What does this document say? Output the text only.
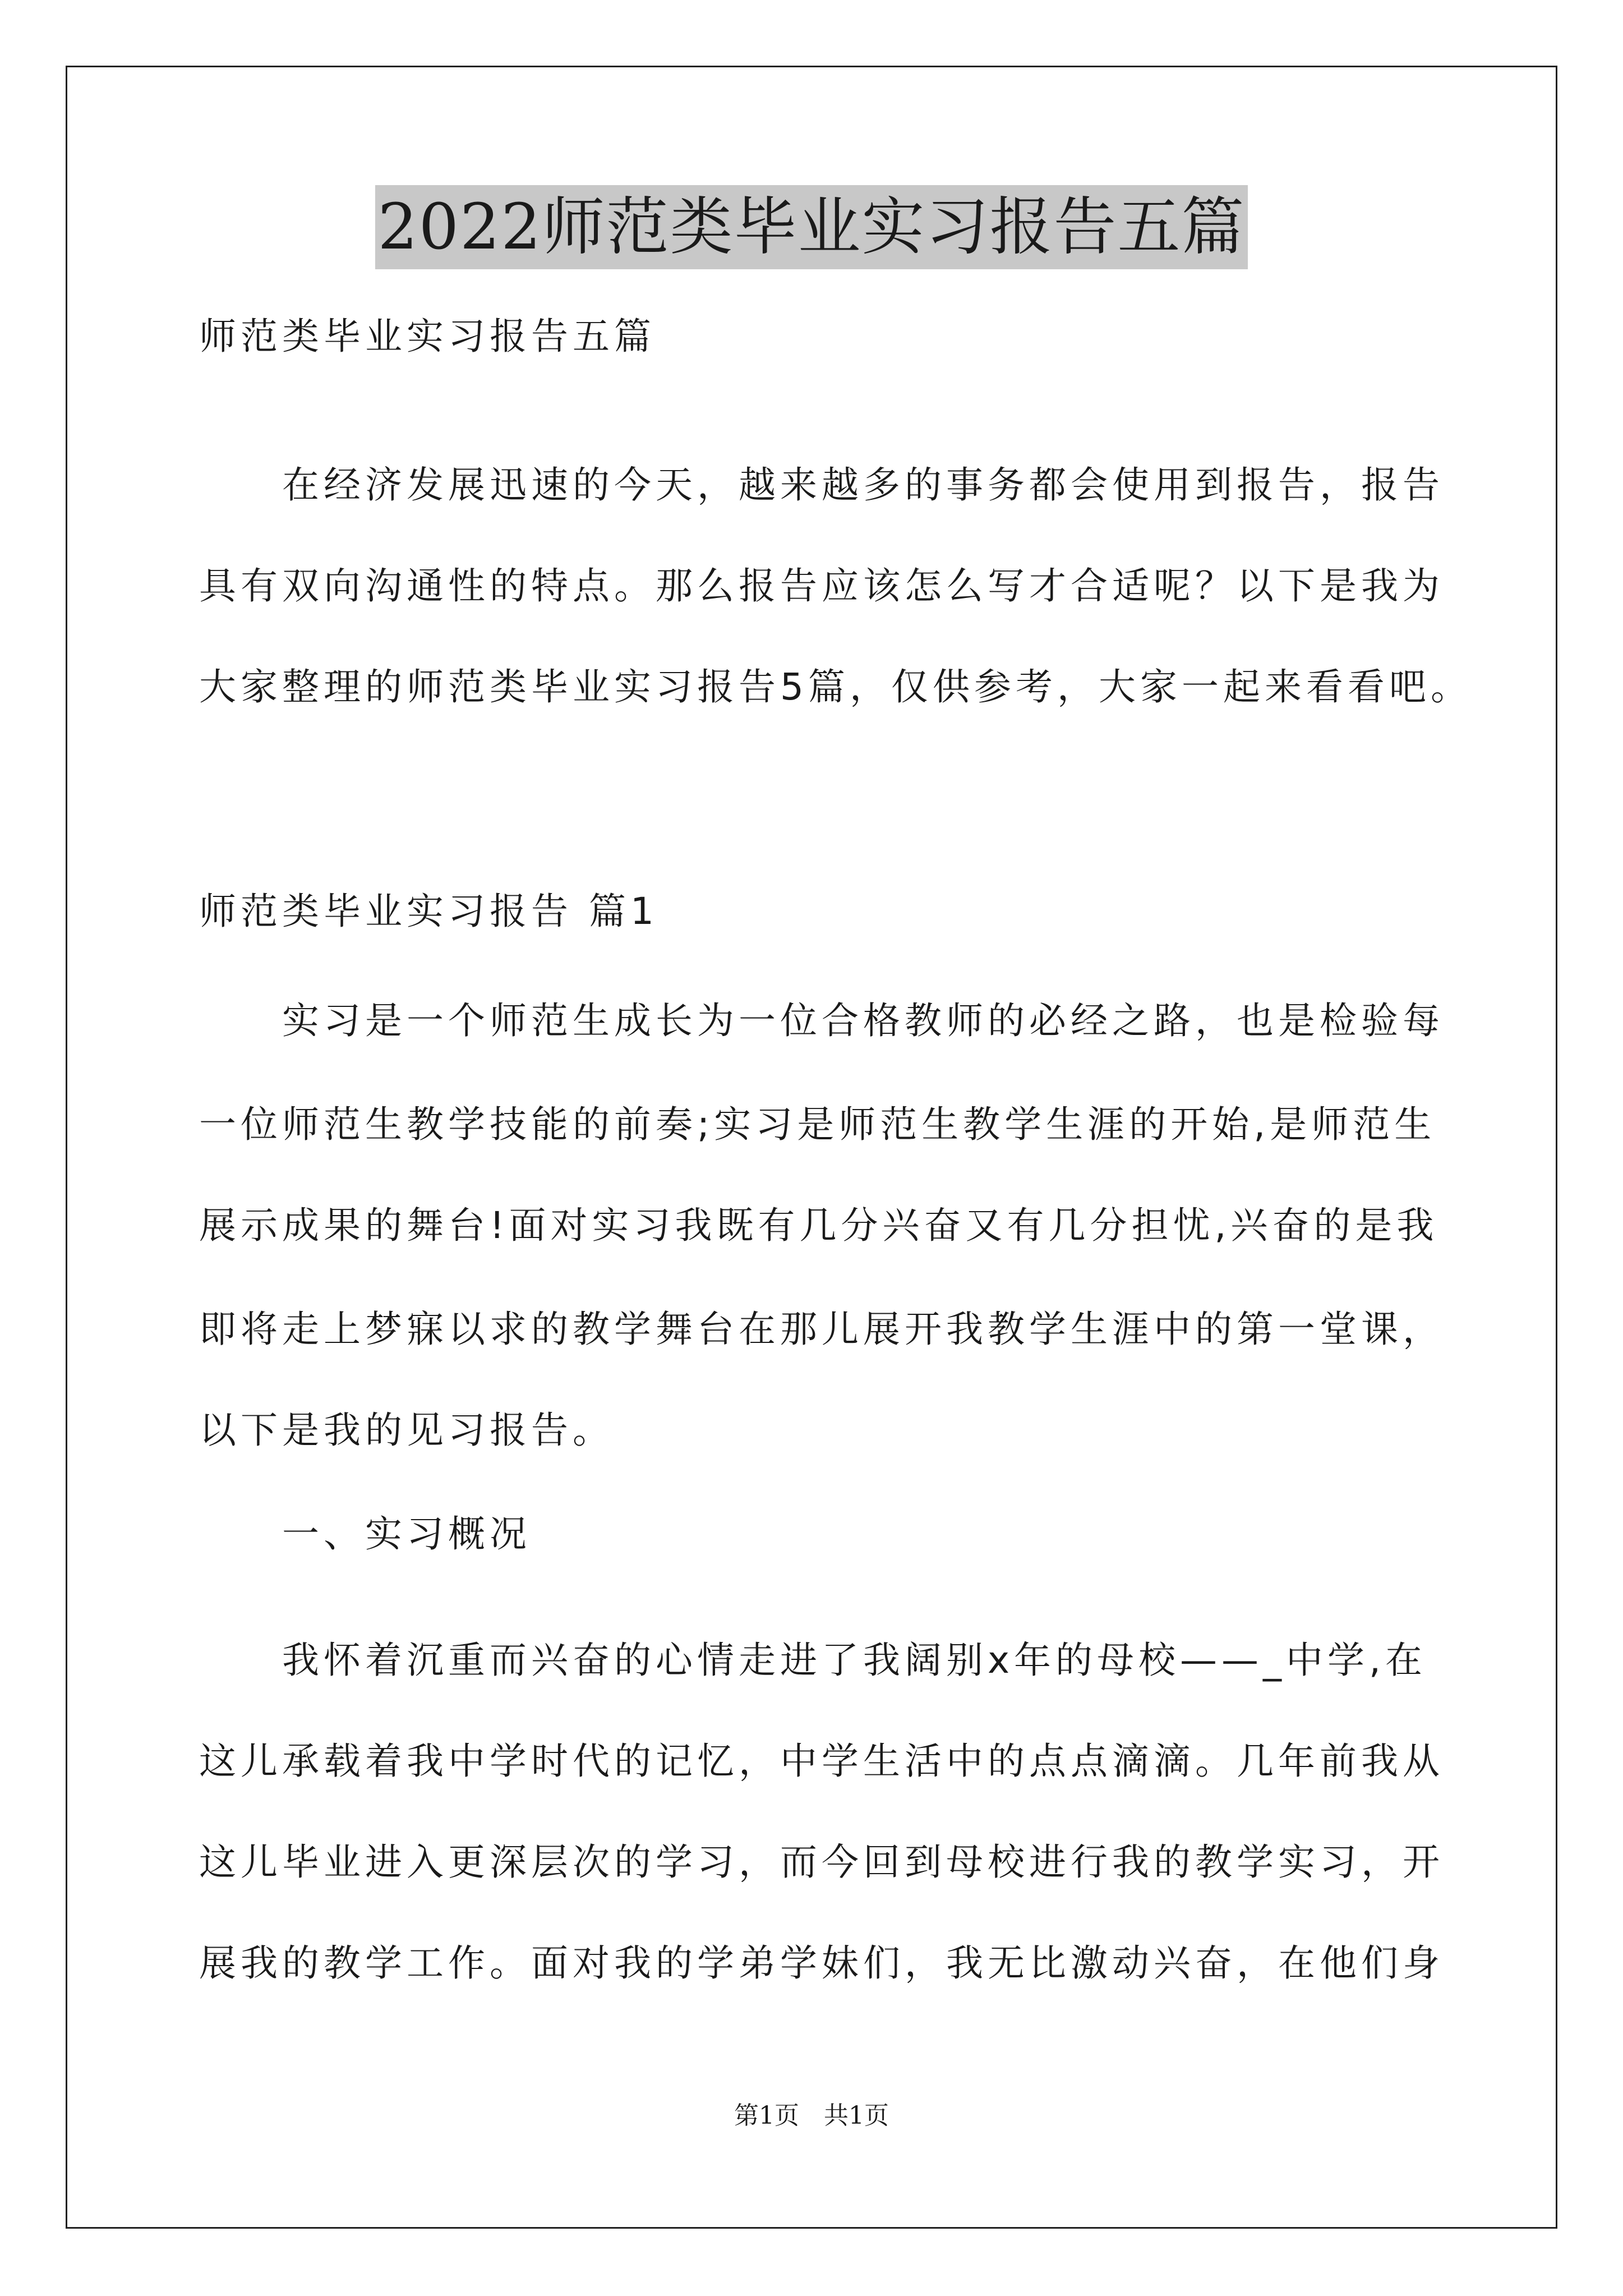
2022师范类毕业实习报告五篇
师范类毕业实习报告五篇
在经济发展迅速的今天，越来越多的事务都会使用到报告，报告
具有双向沟通性的特点。那么报告应该怎么写才合适呢？以下是我为
大家整理的师范类毕业实习报告5篇，仅供参考，大家一起来看看吧。
师范类毕业实习报告 篇1
实习是一个师范生成长为一位合格教师的必经之路，也是检验每
一位师范生教学技能的前奏;实习是师范生教学生涯的开始,是师范生
展示成果的舞台!面对实习我既有几分兴奋又有几分担忧,兴奋的是我
即将走上梦寐以求的教学舞台在那儿展开我教学生涯中的第一堂课，
以下是我的见习报告。
一、实习概况
我怀着沉重而兴奋的心情走进了我阔别x年的母校——_中学,在
这儿承载着我中学时代的记忆，中学生活中的点点滴滴。几年前我从
这儿毕业进入更深层次的学习，而今回到母校进行我的教学实习，开
展我的教学工作。面对我的学弟学妹们，我无比激动兴奋，在他们身
第1页　共1页
